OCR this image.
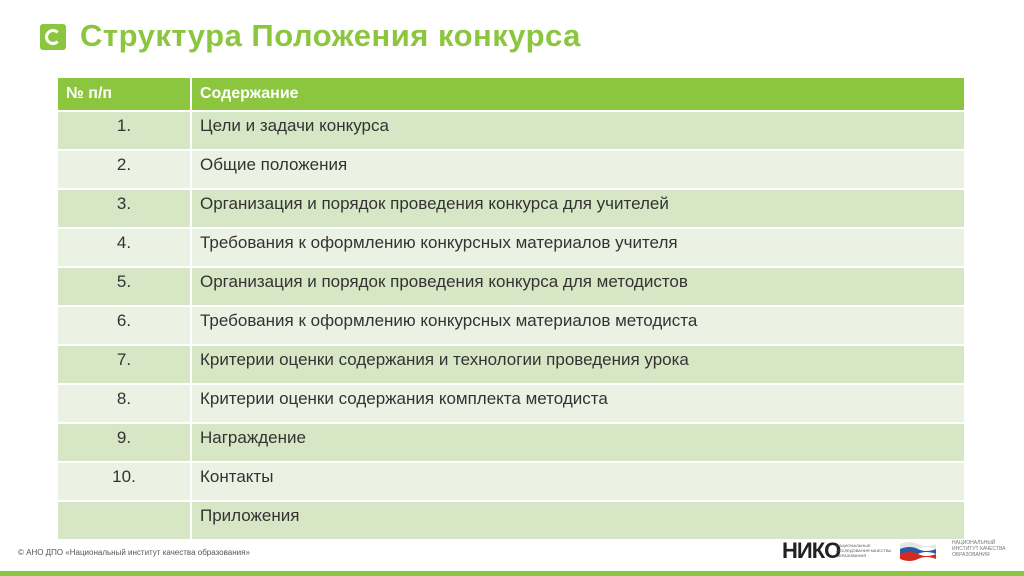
Структура Положения конкурса
№ п/п	Содержание
1.	Цели и задачи конкурса
2.	Общие положения
3.	Организация и порядок проведения конкурса для учителей
4.	Требования к оформлению конкурсных материалов учителя
5.	Организация и порядок проведения конкурса для методистов
6.	Требования к оформлению конкурсных материалов методиста
7.	Критерии оценки содержания и технологии проведения урока
8.	Критерии оценки содержания комплекта методиста
9.	Награждение
10.	Контакты
	Приложения
© АНО ДПО «Национальный институт качества образования»	НИКО
НАЦИОНАЛЬНЫЕ ИССЛЕДОВАНИЯ КАЧЕСТВА ОБРАЗОВАНИЯ
НАЦИОНАЛЬНЫЙ ИНСТИТУТ КАЧЕСТВА ОБРАЗОВАНИЯ
